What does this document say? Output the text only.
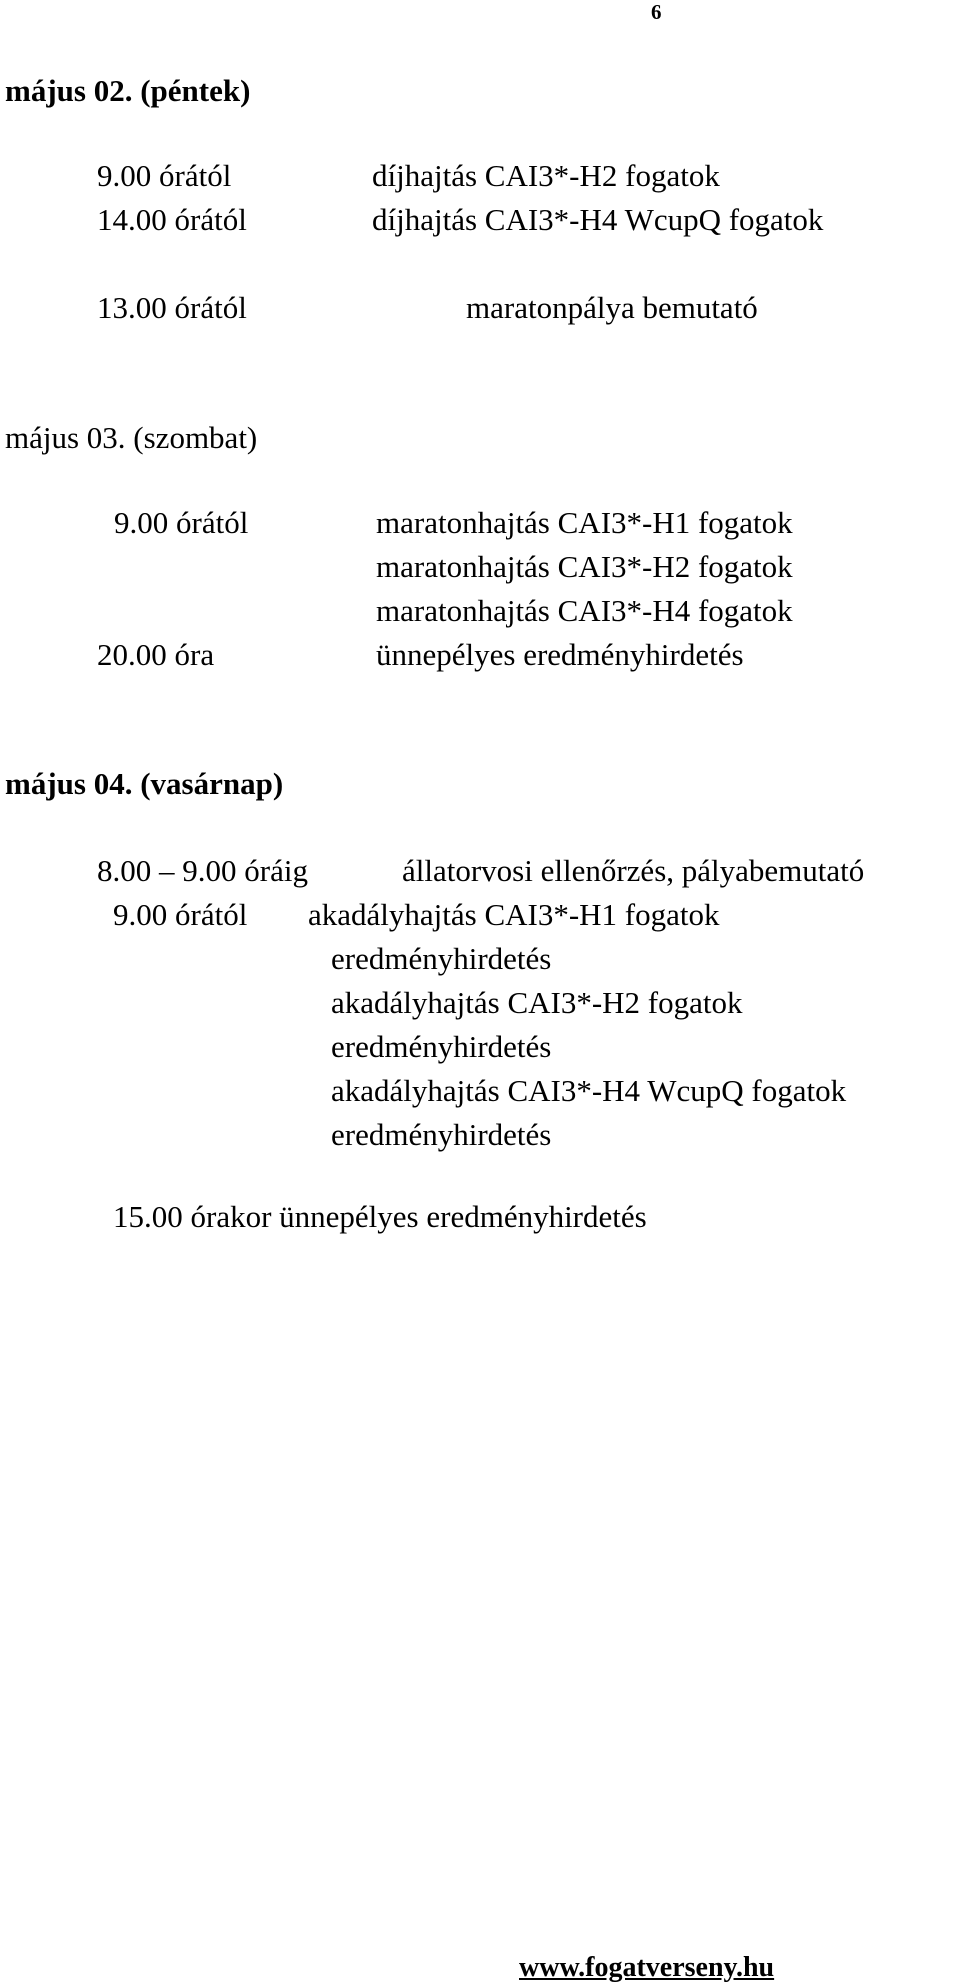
6
május 02. (péntek)
9.00 órától	díjhajtás CAI3*-H2 fogatok
14.00 órától	díjhajtás CAI3*-H4 WcupQ fogatok
13.00 órától	maratonpálya bemutató
május 03. (szombat)
9.00 órától	maratonhajtás CAI3*-H1 fogatok
maratonhajtás CAI3*-H2 fogatok
maratonhajtás CAI3*-H4 fogatok
20.00 óra	ünnepélyes eredményhirdetés
május 04. (vasárnap)
8.00 – 9.00 óráig	állatorvosi ellenőrzés, pályabemutató
9.00 órától akadályhajtás CAI3*-H1 fogatok
eredményhirdetés
akadályhajtás CAI3*-H2 fogatok
eredményhirdetés
akadályhajtás CAI3*-H4 WcupQ fogatok
eredményhirdetés
15.00 órakor ünnepélyes eredményhirdetés
www.fogatverseny.hu
